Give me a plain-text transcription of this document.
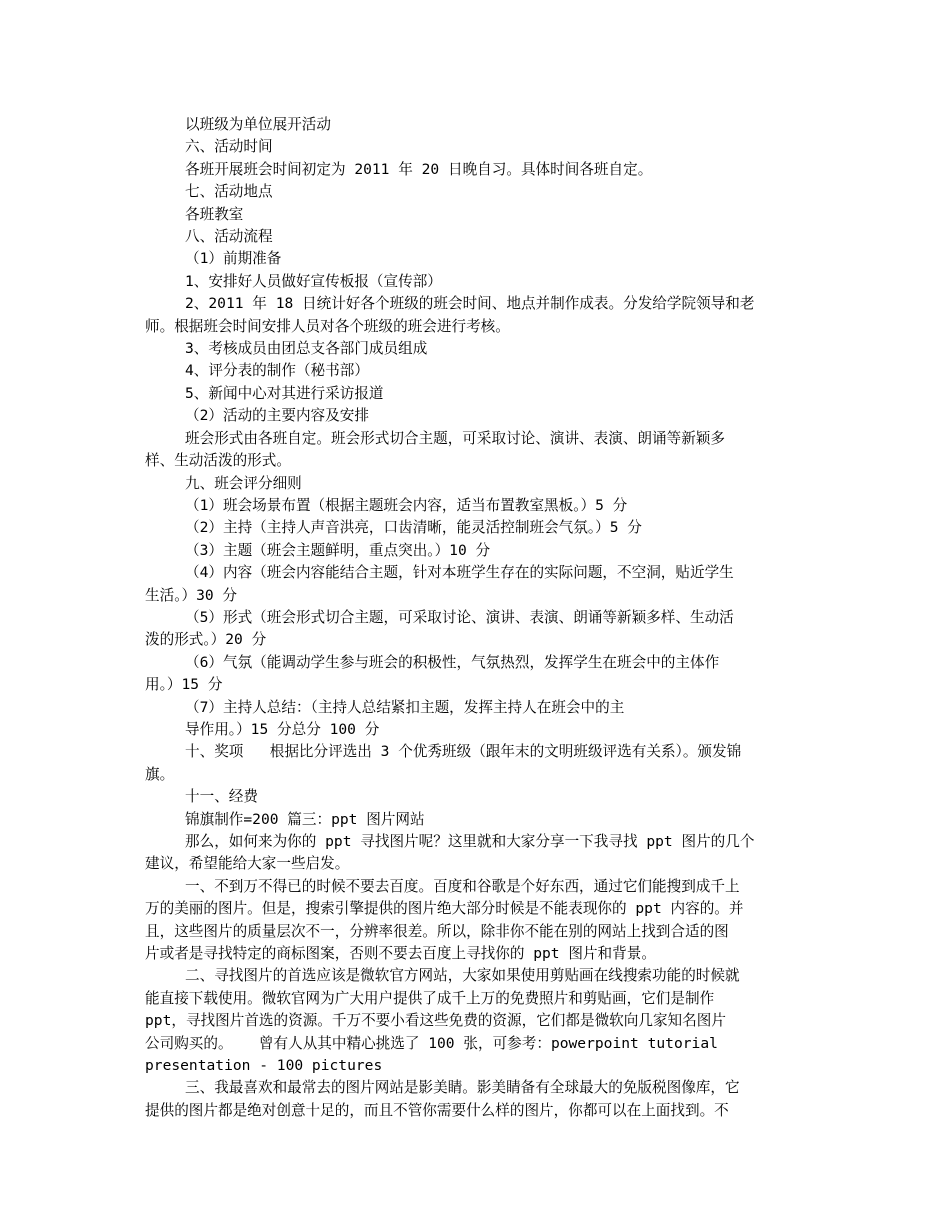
以班级为单位展开活动
六、活动时间
各班开展班会时间初定为 2011 年 20 日晚自习。具体时间各班自定。
七、活动地点
各班教室
八、活动流程
（1）前期准备
1、安排好人员做好宣传板报（宣传部）
2、2011 年 18 日统计好各个班级的班会时间、地点并制作成表。分发给学院领导和老
师。根据班会时间安排人员对各个班级的班会进行考核。
3、考核成员由团总支各部门成员组成
4、评分表的制作（秘书部）
5、新闻中心对其进行采访报道
（2）活动的主要内容及安排
班会形式由各班自定。班会形式切合主题，可采取讨论、演讲、表演、朗诵等新颖多
样、生动活泼的形式。
九、班会评分细则
（1）班会场景布置（根据主题班会内容，适当布置教室黑板。）5 分
（2）主持（主持人声音洪亮，口齿清晰，能灵活控制班会气氛。）5 分
（3）主题（班会主题鲜明，重点突出。）10 分
（4）内容（班会内容能结合主题，针对本班学生存在的实际问题，不空洞，贴近学生
生活。）30 分
（5）形式（班会形式切合主题，可采取讨论、演讲、表演、朗诵等新颖多样、生动活
泼的形式。）20 分
（6）气氛（能调动学生参与班会的积极性，气氛热烈，发挥学生在班会中的主体作
用。）15 分
（7）主持人总结：（主持人总结紧扣主题，发挥主持人在班会中的主
导作用。）15 分总分 100 分
十、奖项   根据比分评选出 3 个优秀班级（跟年末的文明班级评选有关系）。颁发锦
旗。
十一、经费
锦旗制作=200 篇三：ppt 图片网站
那么，如何来为你的 ppt 寻找图片呢？这里就和大家分享一下我寻找 ppt 图片的几个
建议，希望能给大家一些启发。
一、不到万不得已的时候不要去百度。百度和谷歌是个好东西，通过它们能搜到成千上
万的美丽的图片。但是，搜索引擎提供的图片绝大部分时候是不能表现你的 ppt 内容的。并
且，这些图片的质量层次不一，分辨率很差。所以，除非你不能在别的网站上找到合适的图
片或者是寻找特定的商标图案，否则不要去百度上寻找你的 ppt 图片和背景。
二、寻找图片的首选应该是微软官方网站，大家如果使用剪贴画在线搜索功能的时候就
能直接下载使用。微软官网为广大用户提供了成千上万的免费照片和剪贴画，它们是制作
ppt，寻找图片首选的资源。千万不要小看这些免费的资源，它们都是微软向几家知名图片
公司购买的。   曾有人从其中精心挑选了 100 张，可参考：powerpoint tutorial
presentation - 100 pictures
三、我最喜欢和最常去的图片网站是影美睛。影美睛备有全球最大的免版税图像库，它
提供的图片都是绝对创意十足的，而且不管你需要什么样的图片，你都可以在上面找到。不
